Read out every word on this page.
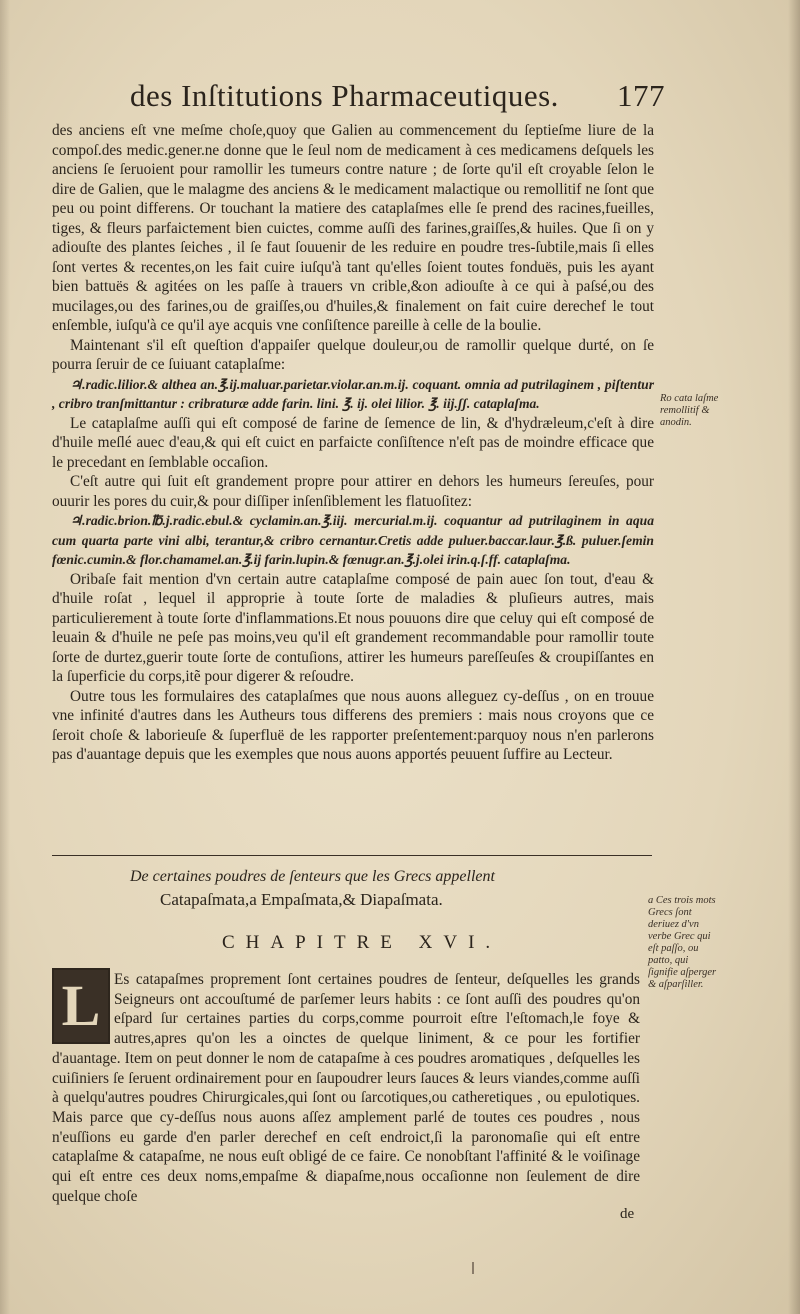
des Inſtitutions Pharmaceutiques. 177

des anciens eſt vne meſme choſe,quoy que Galien au commencement du ſeptieſme liure de la compoſ.des medic.gener.ne donne que le ſeul nom de medicament à ces medicamens deſquels les anciens ſe ſeruoient pour ramollir les tumeurs contre nature ; de ſorte qu'il eſt croyable ſelon le dire de Galien, que le malagme des anciens & le medicament malactique ou remollitif ne ſont que peu ou point differens. Or touchant la matiere des cataplaſmes elle ſe prend des racines,fueilles, tiges, & fleurs parfaictement bien cuictes, comme auſſi des farines,graiſſes,& huiles. Que ſi on y adiouſte des plantes ſeiches , il ſe faut ſouuenir de les reduire en poudre tres-ſubtile,mais ſi elles ſont vertes & recentes,on les fait cuire iuſqu'à tant qu'elles ſoient toutes fonduës, puis les ayant bien battuës & agitées on les paſſe à trauers vn crible,&on adiouſte à ce qui à paſsé,ou des mucilages,ou des farines,ou de graiſſes,ou d'huiles,& finalement on fait cuire derechef le tout enſemble, iuſqu'à ce qu'il aye acquis vne conſiſtence pareille à celle de la boulie.

Maintenant s'il eſt queſtion d'appaiſer quelque douleur,ou de ramollir quelque durté, on ſe pourra ſeruir de ce ſuiuant cataplaſme:

♃.radic.lilior.& althea an.℥.ij.maluar.parietar.violar.an.m.ij. coquant. omnia ad putrilaginem , piſtentur , cribro tranſmittantur : cribraturæ adde farin. lini. ℥. ij. olei lilior. ℥. iij.ʃʃ. cataplaſma.

Le cataplaſme auſſi qui eſt composé de farine de ſemence de lin, & d'hydræleum,c'eſt à dire d'huile meſlé auec d'eau,& qui eſt cuict en parfaicte conſiſtence n'eſt pas de moindre efficace que le precedant en ſemblable occaſion.

C'eſt autre qui ſuit eſt grandement propre pour attirer en dehors les humeurs ſereuſes, pour ouurir les pores du cuir,& pour diſſiper inſenſiblement les flatuoſitez:

♃.radic.brion.℔.j.radic.ebul.& cyclamin.an.℥.iij. mercurial.m.ij. coquantur ad putrilaginem in aqua cum quarta parte vini albi, terantur,& cribro cernantur.Cretis adde puluer.baccar.laur.℥.ß. puluer.ſemin fœnic.cumin.& flor.chamamel.an.℥.ij farin.lupin.& fœnugr.an.℥.j.olei irin.q.ſ.ff. cataplaſma.

Oribaſe fait mention d'vn certain autre cataplaſme composé de pain auec ſon tout, d'eau & d'huile roſat , lequel il approprie à toute ſorte de maladies & pluſieurs autres, mais particulierement à toute ſorte d'inflammations.Et nous pouuons dire que celuy qui eſt composé de leuain & d'huile ne peſe pas moins,veu qu'il eſt grandement recommandable pour ramollir toute ſorte de durtez,guerir toute ſorte de contuſions, attirer les humeurs pareſſeuſes & croupiſſantes en la ſuperficie du corps,itẽ pour digerer & reſoudre.

Outre tous les formulaires des cataplaſmes que nous auons alleguez cy-deſſus , on en trouue vne infinité d'autres dans les Autheurs tous differens des premiers : mais nous croyons que ce ſeroit choſe & laborieuſe & ſuperfluë de les rapporter preſentement:parquoy nous n'en parlerons pas d'auantage depuis que les exemples que nous auons apportés peuuent ſuffire au Lecteur.

Ro cata laſme remollitif & anodin.
De certaines poudres de ſenteurs que les Grecs appellent
Catapaſmata,a Empaſmata,& Diapaſmata.	a Ces trois mots Grecs ſont deriuez d'vn verbe Grec qui eſt paſſo, ou patto, qui ſignifie aſperger & aſparſiller.
CHAPITRE XVI.
L Es catapaſmes proprement ſont certaines poudres de ſenteur, deſquelles les grands Seigneurs ont accouſtumé de parſemer leurs habits : ce ſont auſſi des poudres qu'on eſpard ſur certaines parties du corps,comme pourroit eſtre l'eſtomach,le foye & autres,apres qu'on les a oinctes de quelque liniment, & ce pour les fortifier d'auantage. Item on peut donner le nom de catapaſme à ces poudres aromatiques , deſquelles les cuiſiniers ſe ſeruent ordinairement pour en ſaupoudrer leurs ſauces & leurs viandes,comme auſſi à quelqu'autres poudres Chirurgicales,qui ſont ou ſarcotiques,ou catheretiques , ou epulotiques. Mais parce que cy-deſſus nous auons aſſez amplement parlé de toutes ces poudres , nous n'euſſions eu garde d'en parler derechef en ceſt endroict,ſi la paronomaſie qui eſt entre cataplaſme & catapaſme, ne nous euſt obligé de ce faire. Ce nonobſtant l'affinité & le voiſinage qui eſt entre ces deux noms,empaſme & diapaſme,nous occaſionne non ſeulement de dire quelque choſe
de
